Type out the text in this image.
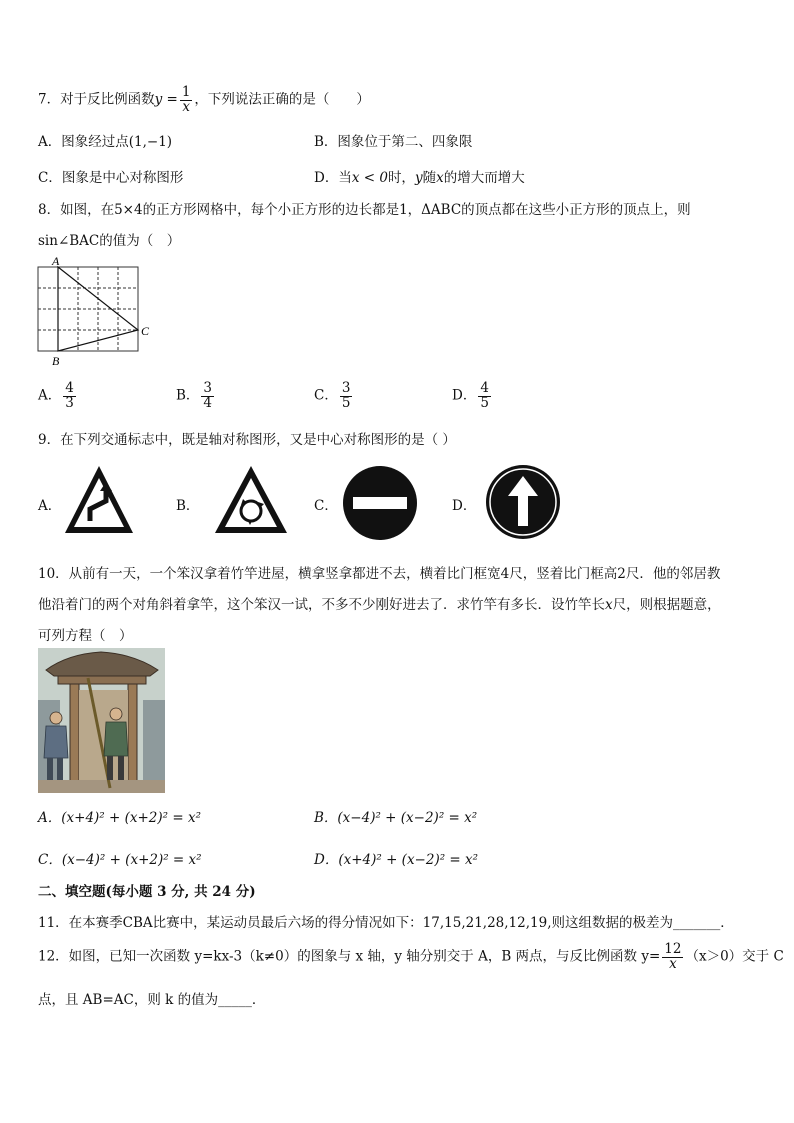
7．对于反比例函数$y = \frac{1}{x}$ ，下列说法正确的是（　　）
A．图象经过点(1,−1)	B．图象位于第二、四象限
C．图象是中心对称图形	D．当x < 0时，y随x的增大而增大
8．如图，在5×4的正方形网格中，每个小正方形的边长都是1，ΔABC的顶点都在这些小正方形的顶点上，则
sin∠BAC的值为（　）
A
B
C
A． $\frac{4}{3}$	B． $\frac{3}{4}$	C． $\frac{3}{5}$	D． $\frac{4}{5}$
9．在下列交通标志中，既是轴对称图形，又是中心对称图形的是（ ）
A．	B．	C．	D．
10．从前有一天，一个笨汉拿着竹竿进屋，横拿竖拿都进不去，横着比门框宽4尺，竖着比门框高2尺．他的邻居教
他沿着门的两个对角斜着拿竿，这个笨汉一试，不多不少刚好进去了．求竹竿有多长．设竹竿长x尺，则根据题意，
可列方程（　）
A．(x+4)² + (x+2)² = x²	B．(x−4)² + (x−2)² = x²
C．(x−4)² + (x+2)² = x²	D．(x+4)² + (x−2)² = x²
二、填空题(每小题 3 分, 共 24 分)
11．在本赛季CBA比赛中，某运动员最后六场的得分情况如下：17,15,21,28,12,19,则这组数据的极差为_______．
12．如图，已知一次函数 y=kx-3（k≠0）的图象与 x 轴，y 轴分别交于 A，B 两点，与反比例函数 $y= \frac{12}{x} (x>0)$交于 C
点，且 AB=AC，则 k 的值为_____．
